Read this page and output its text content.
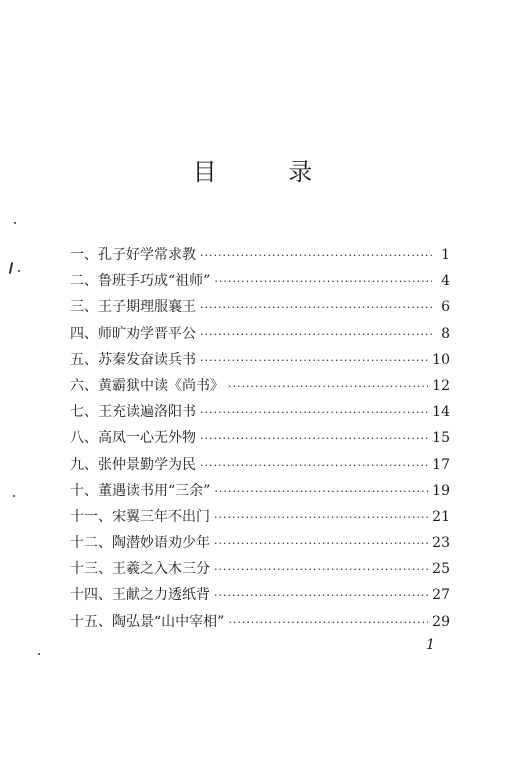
目 录
一、孔子好学常求教 ·····	1
二、鲁班手巧成“祖师” ·····	4
三、王子期理服襄王 ·····	6
四、师旷劝学晋平公 ·····	8
五、苏秦发奋读兵书 ·····	10
六、黄霸狱中读《尚书》 ·····	12
七、王充读遍洛阳书 ·····	14
八、高凤一心无外物 ·····	15
九、张仲景勤学为民 ·····	17
十、董遇读书用“三余” ·····	19
十一、宋翼三年不出门 ·····	21
十二、陶潜妙语劝少年 ·····	23
十三、王羲之入木三分 ·····	25
十四、王献之力透纸背 ·····	27
十五、陶弘景“山中宰相” ·····	29
1
